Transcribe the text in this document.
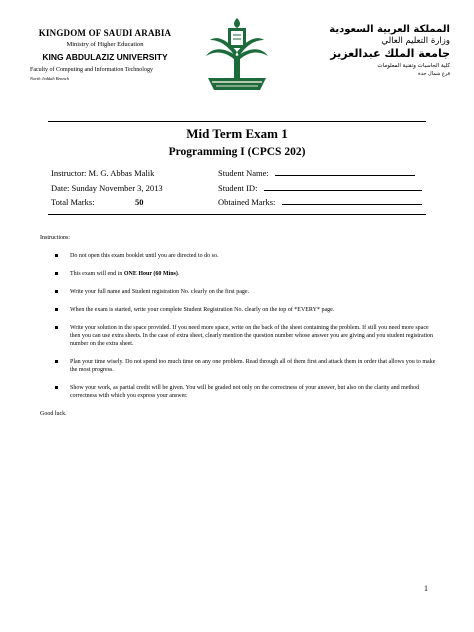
KINGDOM OF SAUDI ARABIA
Ministry of Higher Education
KING ABDULAZIZ UNIVERSITY
Faculty of Computing and Information Technology
North Jeddah Branch
المملكة العربية السعودية
وزارة التعليم العالي
جامعة الملك عبدالعزيز
كلية الحاسبات وتقنية المعلومات
فرع شمال جدة
Mid Term Exam 1
Programming I (CPCS 202)
Instructor: M. G. Abbas Malik	Student Name:
Date: Sunday November 3, 2013	Student ID:
Total Marks:	50	Obtained Marks:
Instructions:
Do not open this exam booklet until you are directed to do so.
This exam will end in ONE Hour (60 Mins).
Write your full name and Student registration No. clearly on the first page.
When the exam is started, write your complete Student Registration No. clearly on the top of *EVERY* page.
Write your solution in the space provided. If you need more space, write on the back of the sheet containing the problem. If still you need more space then you can use extra sheets. In the case of extra sheet, clearly mention the question number whose answer you are giving and you student registration number on the extra sheet.
Plan your time wisely. Do not spend too much time on any one problem. Read through all of them first and attack them in order that allows you to make the most progress.
Show your work, as partial credit will be given. You will be graded not only on the correctness of your answer, but also on the clarity and method correctness with which you express your answer.
Good luck.
1
